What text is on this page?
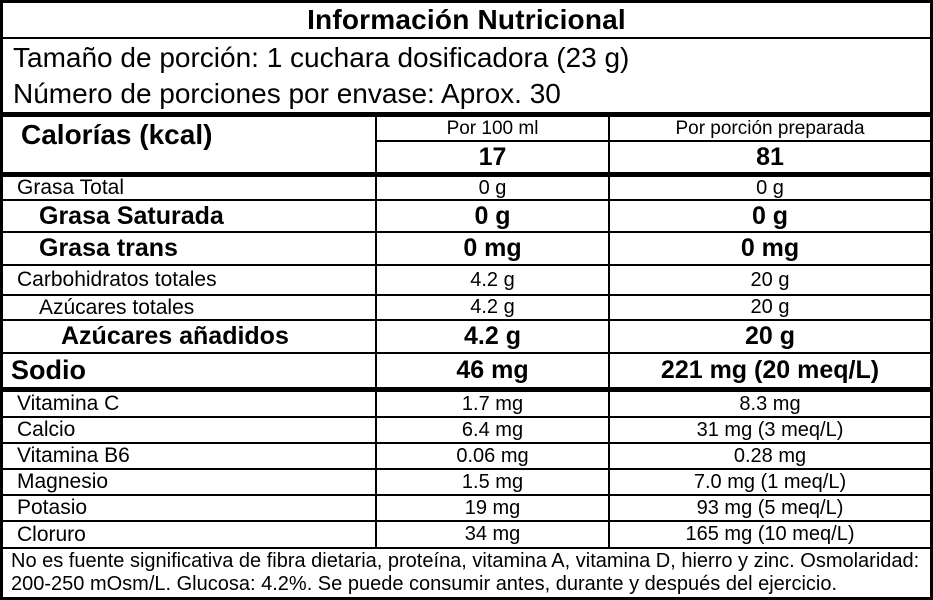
Información Nutricional
Tamaño de porción: 1 cuchara dosificadora (23 g)
Número de porciones por envase: Aprox. 30
Calorías (kcal)	Por 100 ml	Por porción preparada
17	81
Grasa Total	0 g	0 g
Grasa Saturada	0 g	0 g
Grasa trans	0 mg	0 mg
Carbohidratos totales	4.2 g	20 g
Azúcares totales	4.2 g	20 g
Azúcares añadidos	4.2 g	20 g
Sodio	46 mg	221 mg (20 meq/L)
Vitamina C	1.7 mg	8.3 mg
Calcio	6.4 mg	31 mg (3 meq/L)
Vitamina B6	0.06 mg	0.28 mg
Magnesio	1.5 mg	7.0 mg (1 meq/L)
Potasio	19 mg	93 mg (5 meq/L)
Cloruro	34 mg	165 mg (10 meq/L)
No es fuente significativa de fibra dietaria, proteína, vitamina A, vitamina D, hierro y zinc. Osmolaridad:
200-250 mOsm/L. Glucosa: 4.2%. Se puede consumir antes, durante y después del ejercicio.
